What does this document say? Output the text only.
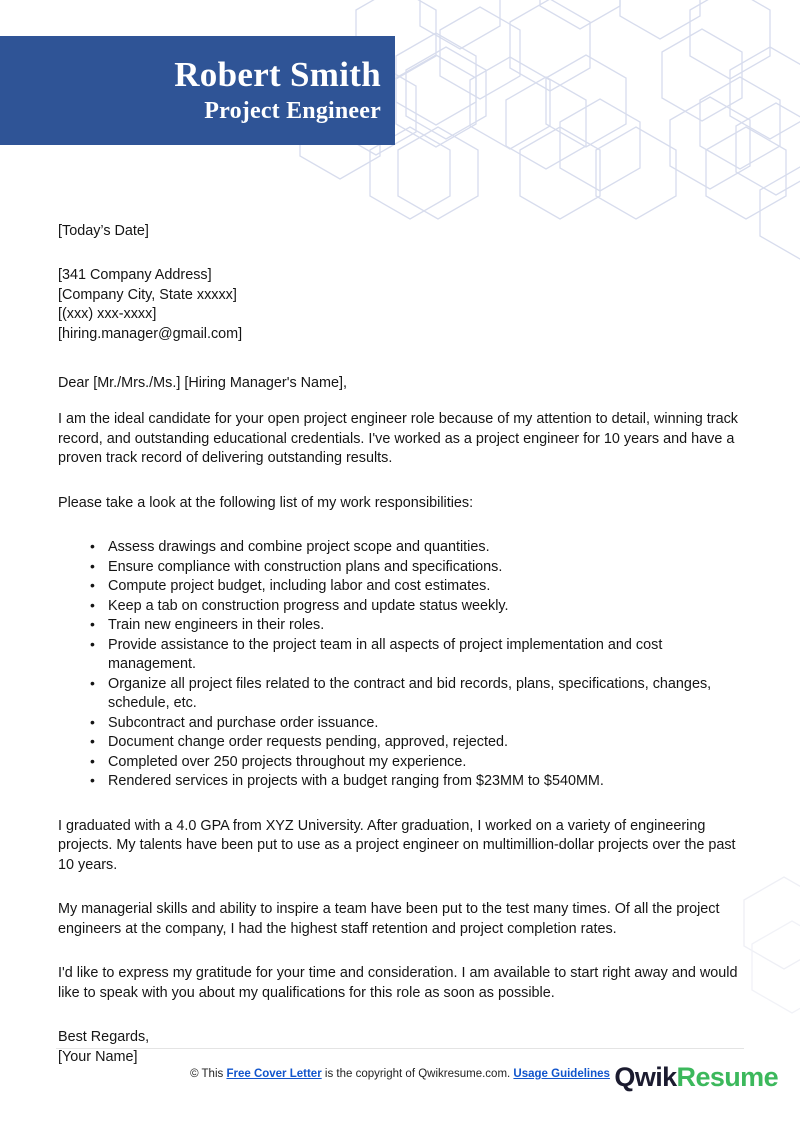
Robert Smith
Project Engineer
[Today’s Date]
[341 Company Address]
[Company City, State xxxxx]
[(xxx) xxx-xxxx]
[hiring.manager@gmail.com]
Dear [Mr./Mrs./Ms.] [Hiring Manager's Name],
I am the ideal candidate for your open project engineer role because of my attention to detail, winning track record, and outstanding educational credentials. I've worked as a project engineer for 10 years and have a proven track record of delivering outstanding results.
Please take a look at the following list of my work responsibilities:
• Assess drawings and combine project scope and quantities.
• Ensure compliance with construction plans and specifications.
• Compute project budget, including labor and cost estimates.
• Keep a tab on construction progress and update status weekly.
• Train new engineers in their roles.
• Provide assistance to the project team in all aspects of project implementation and cost management.
• Organize all project files related to the contract and bid records, plans, specifications, changes, schedule, etc.
• Subcontract and purchase order issuance.
• Document change order requests pending, approved, rejected.
• Completed over 250 projects throughout my experience.
• Rendered services in projects with a budget ranging from $23MM to $540MM.
I graduated with a 4.0 GPA from XYZ University. After graduation, I worked on a variety of engineering projects. My talents have been put to use as a project engineer on multimillion-dollar projects over the past 10 years.
My managerial skills and ability to inspire a team have been put to the test many times. Of all the project engineers at the company, I had the highest staff retention and project completion rates.
I'd like to express my gratitude for your time and consideration. I am available to start right away and would like to speak with you about my qualifications for this role as soon as possible.
Best Regards,
[Your Name]
© This Free Cover Letter is the copyright of Qwikresume.com. Usage Guidelines QwikResume
